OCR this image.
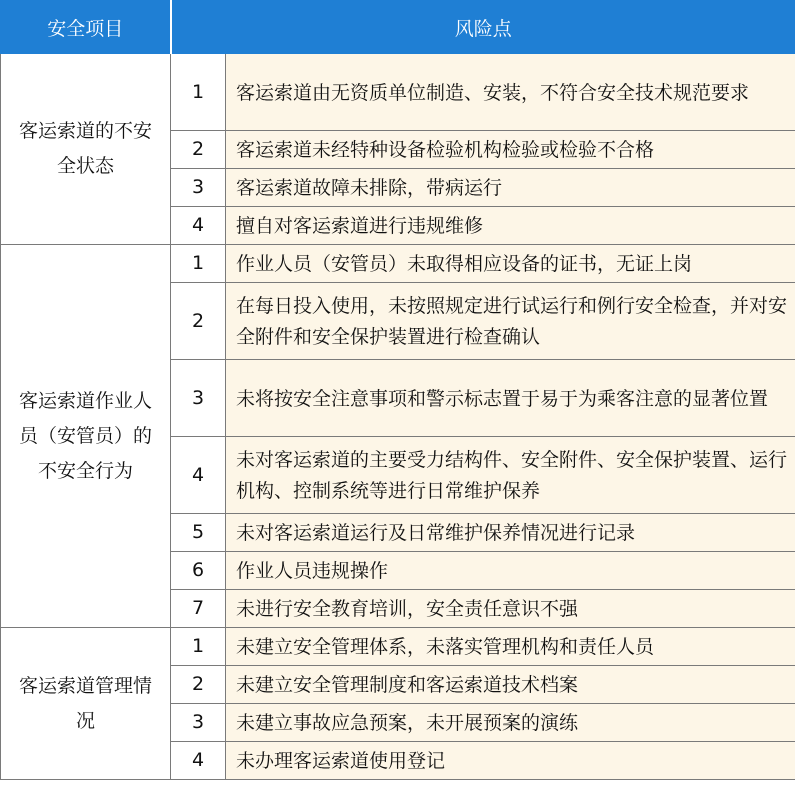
安全项目	风险点	
客运索道的不安全状态	1	客运索道由无资质单位制造、安装，不符合安全技术规范要求
	2	客运索道未经特种设备检验机构检验或检验不合格
	3	客运索道故障未排除，带病运行
	4	擅自对客运索道进行违规维修
客运索道作业人员（安管员）的不安全行为	1	作业人员（安管员）未取得相应设备的证书，无证上岗
	2	在每日投入使用，未按照规定进行试运行和例行安全检查，并对安全附件和安全保护装置进行检查确认
	3	未将按安全注意事项和警示标志置于易于为乘客注意的显著位置
	4	未对客运索道的主要受力结构件、安全附件、安全保护装置、运行机构、控制系统等进行日常维护保养
	5	未对客运索道运行及日常维护保养情况进行记录
	6	作业人员违规操作
	7	未进行安全教育培训，安全责任意识不强
客运索道管理情况	1	未建立安全管理体系，未落实管理机构和责任人员
	2	未建立安全管理制度和客运索道技术档案
	3	未建立事故应急预案，未开展预案的演练
	4	未办理客运索道使用登记
